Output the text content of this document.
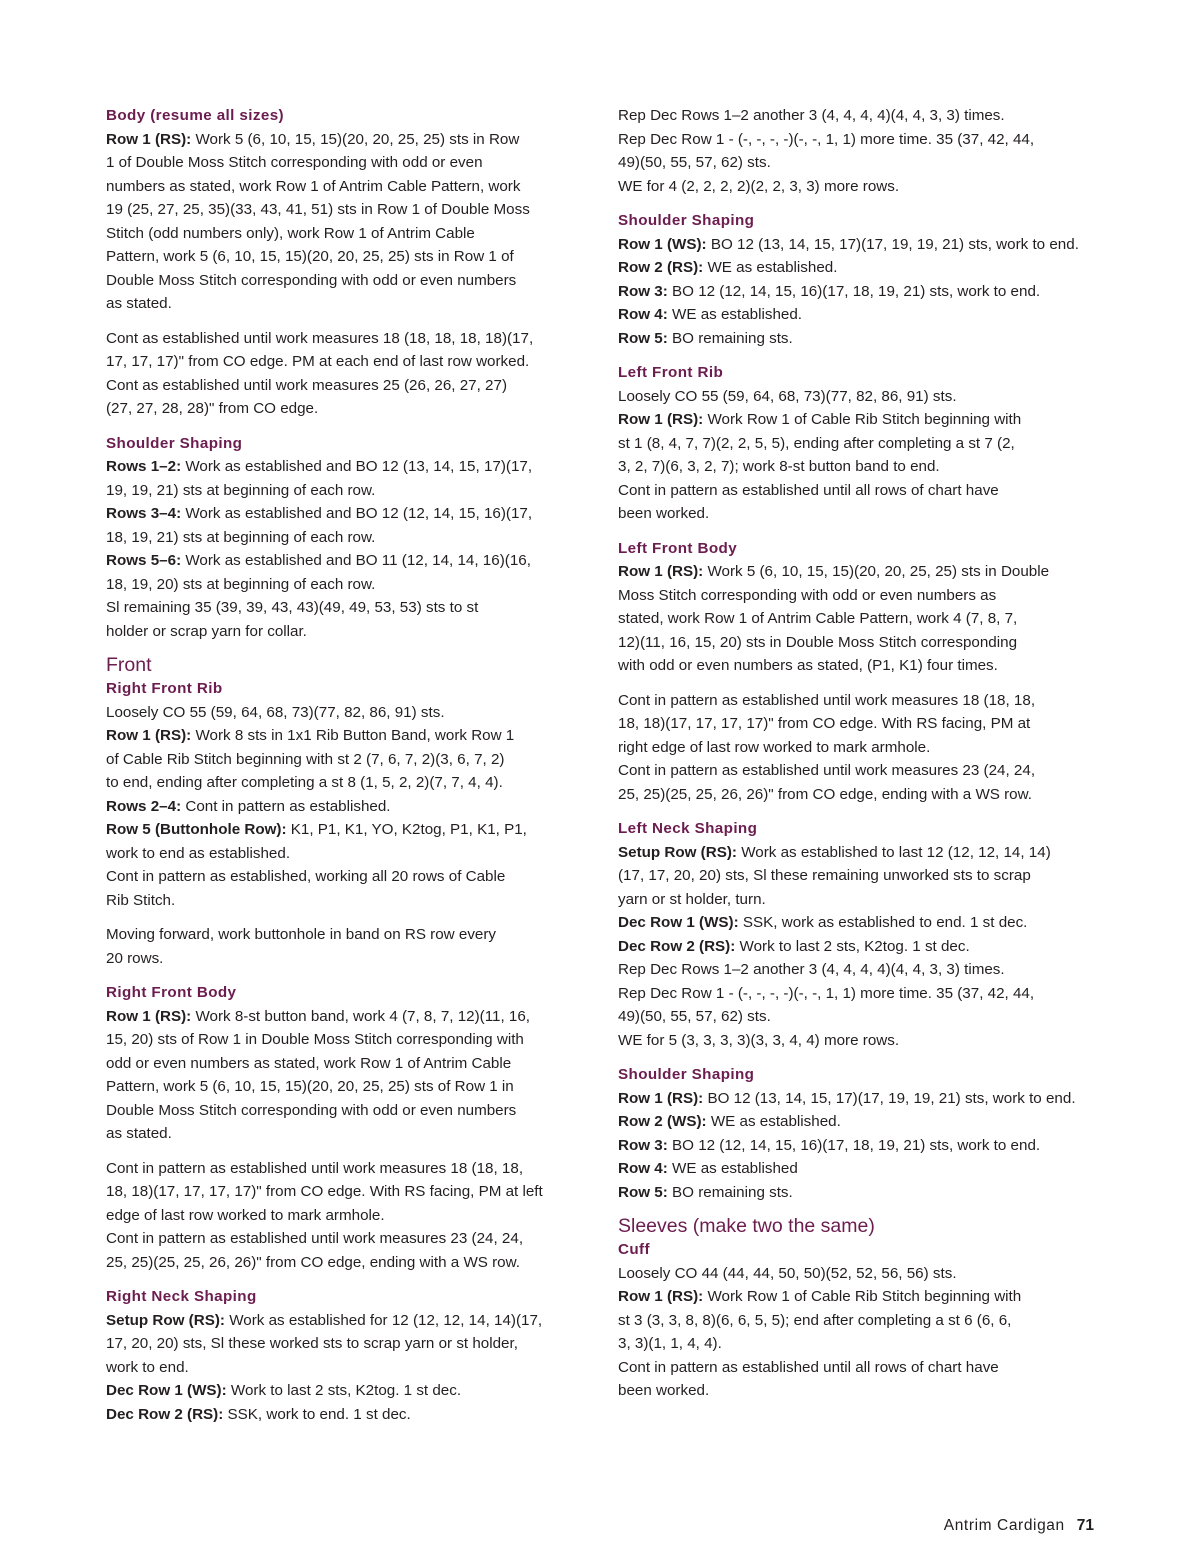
Body (resume all sizes)
Row 1 (RS): Work 5 (6, 10, 15, 15)(20, 20, 25, 25) sts in Row
1 of Double Moss Stitch corresponding with odd or even
numbers as stated, work Row 1 of Antrim Cable Pattern, work
19 (25, 27, 25, 35)(33, 43, 41, 51) sts in Row 1 of Double Moss
Stitch (odd numbers only), work Row 1 of Antrim Cable
Pattern, work 5 (6, 10, 15, 15)(20, 20, 25, 25) sts in Row 1 of
Double Moss Stitch corresponding with odd or even numbers
as stated.
Cont as established until work measures 18 (18, 18, 18, 18)(17,
17, 17, 17)" from CO edge. PM at each end of last row worked.
Cont as established until work measures 25 (26, 26, 27, 27)
(27, 27, 28, 28)" from CO edge.
Shoulder Shaping
Rows 1–2: Work as established and BO 12 (13, 14, 15, 17)(17,
19, 19, 21) sts at beginning of each row.
Rows 3–4: Work as established and BO 12 (12, 14, 15, 16)(17,
18, 19, 21) sts at beginning of each row.
Rows 5–6: Work as established and BO 11 (12, 14, 14, 16)(16,
18, 19, 20) sts at beginning of each row.
Sl remaining 35 (39, 39, 43, 43)(49, 49, 53, 53) sts to st
holder or scrap yarn for collar.
Front
Right Front Rib
Loosely CO 55 (59, 64, 68, 73)(77, 82, 86, 91) sts.
Row 1 (RS): Work 8 sts in 1x1 Rib Button Band, work Row 1
of Cable Rib Stitch beginning with st 2 (7, 6, 7, 2)(3, 6, 7, 2)
to end, ending after completing a st 8 (1, 5, 2, 2)(7, 7, 4, 4).
Rows 2–4: Cont in pattern as established.
Row 5 (Buttonhole Row): K1, P1, K1, YO, K2tog, P1, K1, P1,
work to end as established.
Cont in pattern as established, working all 20 rows of Cable
Rib Stitch.
Moving forward, work buttonhole in band on RS row every
20 rows.
Right Front Body
Row 1 (RS): Work 8-st button band, work 4 (7, 8, 7, 12)(11, 16,
15, 20) sts of Row 1 in Double Moss Stitch corresponding with
odd or even numbers as stated, work Row 1 of Antrim Cable
Pattern, work 5 (6, 10, 15, 15)(20, 20, 25, 25) sts of Row 1 in
Double Moss Stitch corresponding with odd or even numbers
as stated.
Cont in pattern as established until work measures 18 (18, 18,
18, 18)(17, 17, 17, 17)" from CO edge. With RS facing, PM at left
edge of last row worked to mark armhole.
Cont in pattern as established until work measures 23 (24, 24,
25, 25)(25, 25, 26, 26)" from CO edge, ending with a WS row.
Right Neck Shaping
Setup Row (RS): Work as established for 12 (12, 12, 14, 14)(17,
17, 20, 20) sts, Sl these worked sts to scrap yarn or st holder,
work to end.
Dec Row 1 (WS): Work to last 2 sts, K2tog. 1 st dec.
Dec Row 2 (RS): SSK, work to end. 1 st dec.
Rep Dec Rows 1–2 another 3 (4, 4, 4, 4)(4, 4, 3, 3) times.
Rep Dec Row 1 - (-, -, -, -)(-, -, 1, 1) more time. 35 (37, 42, 44,
49)(50, 55, 57, 62) sts.
WE for 4 (2, 2, 2, 2)(2, 2, 3, 3) more rows.
Shoulder Shaping
Row 1 (WS): BO 12 (13, 14, 15, 17)(17, 19, 19, 21) sts, work to end.
Row 2 (RS): WE as established.
Row 3: BO 12 (12, 14, 15, 16)(17, 18, 19, 21) sts, work to end.
Row 4: WE as established.
Row 5: BO remaining sts.
Left Front Rib
Loosely CO 55 (59, 64, 68, 73)(77, 82, 86, 91) sts.
Row 1 (RS): Work Row 1 of Cable Rib Stitch beginning with
st 1 (8, 4, 7, 7)(2, 2, 5, 5), ending after completing a st 7 (2,
3, 2, 7)(6, 3, 2, 7); work 8-st button band to end.
Cont in pattern as established until all rows of chart have
been worked.
Left Front Body
Row 1 (RS): Work 5 (6, 10, 15, 15)(20, 20, 25, 25) sts in Double
Moss Stitch corresponding with odd or even numbers as
stated, work Row 1 of Antrim Cable Pattern, work 4 (7, 8, 7,
12)(11, 16, 15, 20) sts in Double Moss Stitch corresponding
with odd or even numbers as stated, (P1, K1) four times.
Cont in pattern as established until work measures 18 (18, 18,
18, 18)(17, 17, 17, 17)" from CO edge. With RS facing, PM at
right edge of last row worked to mark armhole.
Cont in pattern as established until work measures 23 (24, 24,
25, 25)(25, 25, 26, 26)" from CO edge, ending with a WS row.
Left Neck Shaping
Setup Row (RS): Work as established to last 12 (12, 12, 14, 14)
(17, 17, 20, 20) sts, Sl these remaining unworked sts to scrap
yarn or st holder, turn.
Dec Row 1 (WS): SSK, work as established to end. 1 st dec.
Dec Row 2 (RS): Work to last 2 sts, K2tog. 1 st dec.
Rep Dec Rows 1–2 another 3 (4, 4, 4, 4)(4, 4, 3, 3) times.
Rep Dec Row 1 - (-, -, -, -)(-, -, 1, 1) more time. 35 (37, 42, 44,
49)(50, 55, 57, 62) sts.
WE for 5 (3, 3, 3, 3)(3, 3, 4, 4) more rows.
Shoulder Shaping
Row 1 (RS): BO 12 (13, 14, 15, 17)(17, 19, 19, 21) sts, work to end.
Row 2 (WS): WE as established.
Row 3: BO 12 (12, 14, 15, 16)(17, 18, 19, 21) sts, work to end.
Row 4: WE as established
Row 5: BO remaining sts.
Sleeves (make two the same)
Cuff
Loosely CO 44 (44, 44, 50, 50)(52, 52, 56, 56) sts.
Row 1 (RS): Work Row 1 of Cable Rib Stitch beginning with
st 3 (3, 3, 8, 8)(6, 6, 5, 5); end after completing a st 6 (6, 6,
3, 3)(1, 1, 4, 4).
Cont in pattern as established until all rows of chart have
been worked.
Antrim Cardigan 71
